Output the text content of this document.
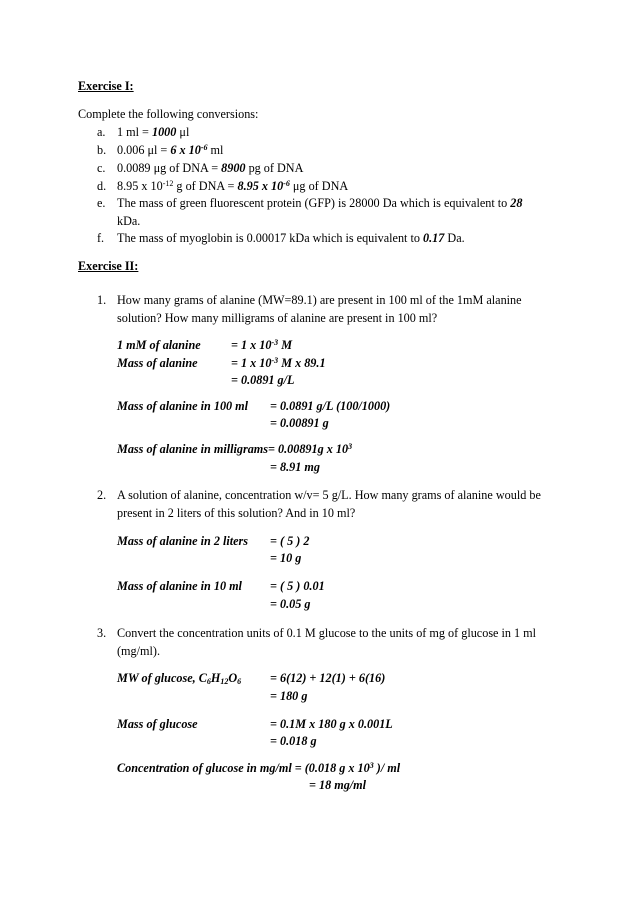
Exercise I:
Complete the following conversions:
a. 1 ml = 1000 μl
b. 0.006 μl = 6 x $10^{-6}$ ml
c. 0.0089 μg of DNA = 8900 pg of DNA
d. 8.95 x $10^{-12}$ g of DNA = 8.95 x $10^{-6}$ μg of DNA
e. The mass of green fluorescent protein (GFP) is 28000 Da which is equivalent to 28
kDa.
f. The mass of myoglobin is 0.00017 kDa which is equivalent to 0.17 Da.
Exercise II:
1. How many grams of alanine (MW=89.1) are present in 100 ml of the 1mM alanine
solution? How many milligrams of alanine are present in 100 ml?
1 mM of alanine = 1 x $10^{-3}$ M
Mass of alanine	= 1 x $10^{-3}$ M x 89.1
= 0.0891 g/L
Mass of alanine in 100 ml = 0.0891 g/L (100/1000)
= 0.00891 g
Mass of alanine in milligrams= 0.00891g x $10^3$
= 8.91 mg
2. A solution of alanine, concentration w/v= 5 g/L. How many grams of alanine would be
present in 2 liters of this solution? And in 10 ml?
Mass of alanine in 2 liters = ( 5 ) 2
= 10 g
Mass of alanine in 10 ml = ( 5 ) 0.01
= 0.05 g
3. Convert the concentration units of 0.1 M glucose to the units of mg of glucose in 1 ml
(mg/ml).
MW of glucose, $C_6H_{12}O_6 = 6(12) + 12(1) + 6(16)$
= 180 g
Mass of glucose	= 0.1M x 180 g x 0.001L
= 0.018 g
Concentration of glucose in mg/ml = (0.018 g x $10^3$ )/ ml
= 18 mg/ml
